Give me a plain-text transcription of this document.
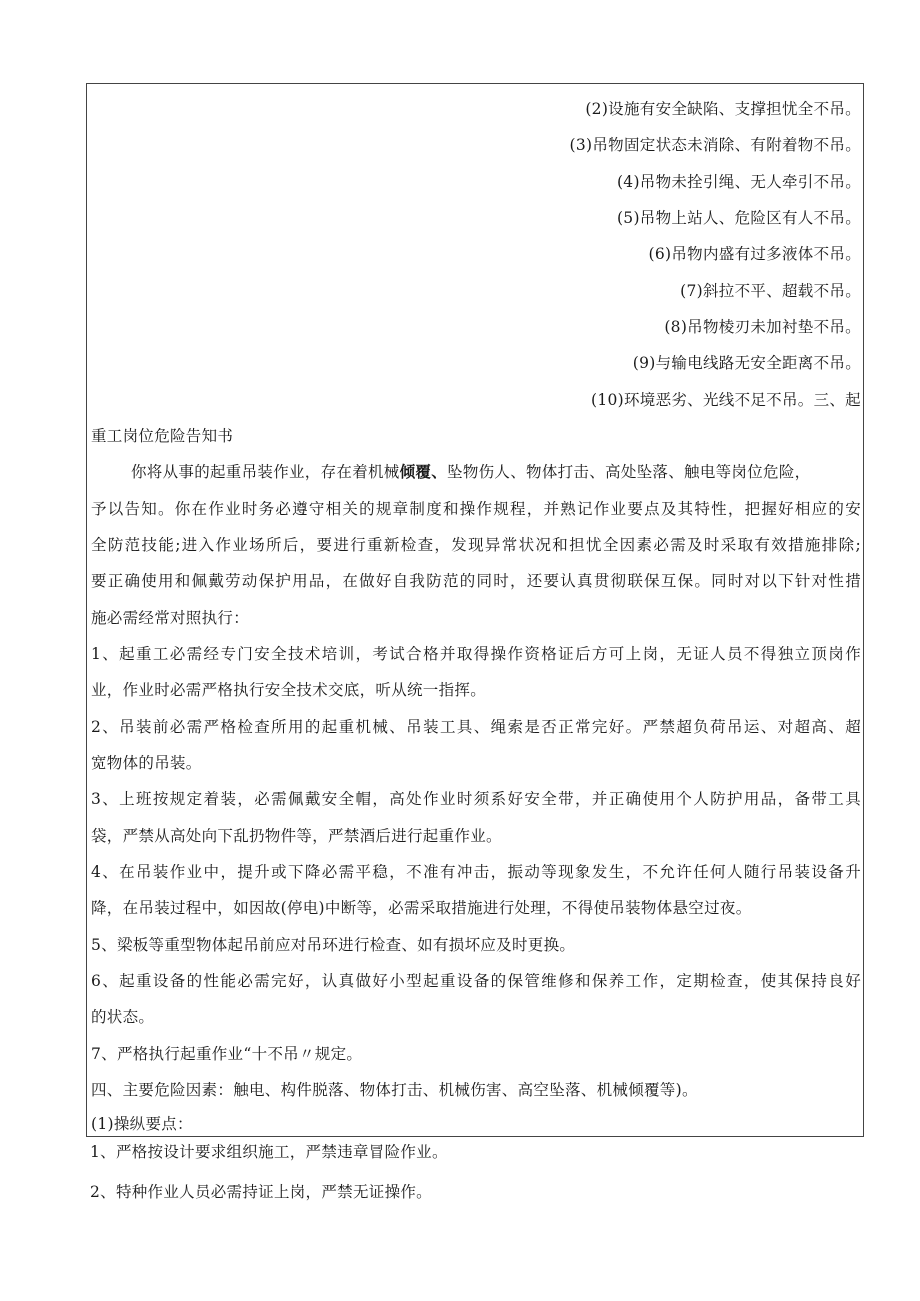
(2)设施有安全缺陷、支撑担忧全不吊。
(3)吊物固定状态未消除、有附着物不吊。
(4)吊物未拴引绳、无人牵引不吊。
(5)吊物上站人、危险区有人不吊。
(6)吊物内盛有过多液体不吊。
(7)斜拉不平、超载不吊。
(8)吊物棱刃未加衬垫不吊。
(9)与输电线路无安全距离不吊。
(10)环境恶劣、光线不足不吊。三、起
重工岗位危险告知书
你将从事的起重吊装作业，存在着机械倾覆、坠物伤人、物体打击、高处坠落、触电等岗位危险，
予以告知。你在作业时务必遵守相关的规章制度和操作规程，并熟记作业要点及其特性，把握好相应的安
全防范技能;进入作业场所后，要进行重新检查，发现异常状况和担忧全因素必需及时采取有效措施排除;
要正确使用和佩戴劳动保护用品，在做好自我防范的同时，还要认真贯彻联保互保。同时对以下针对性措
施必需经常对照执行：
1、起重工必需经专门安全技术培训，考试合格并取得操作资格证后方可上岗，无证人员不得独立顶岗作
业，作业时必需严格执行安全技术交底，听从统一指挥。
2、吊装前必需严格检查所用的起重机械、吊装工具、绳索是否正常完好。严禁超负荷吊运、对超高、超
宽物体的吊装。
3、上班按规定着装，必需佩戴安全帽，高处作业时须系好安全带，并正确使用个人防护用品，备带工具
袋，严禁从高处向下乱扔物件等，严禁酒后进行起重作业。
4、在吊装作业中，提升或下降必需平稳，不准有冲击，振动等现象发生，不允许任何人随行吊装设备升
降，在吊装过程中，如因故(停电)中断等，必需采取措施进行处理，不得使吊装物体悬空过夜。
5、梁板等重型物体起吊前应对吊环进行检查、如有损坏应及时更换。
6、起重设备的性能必需完好，认真做好小型起重设备的保管维修和保养工作，定期检查，使其保持良好
的状态。
7、严格执行起重作业“十不吊〃规定。
四、主要危险因素：触电、构件脱落、物体打击、机械伤害、高空坠落、机械倾覆等)。
(1)操纵要点：
1、严格按设计要求组织施工，严禁违章冒险作业。
2、特种作业人员必需持证上岗，严禁无证操作。
